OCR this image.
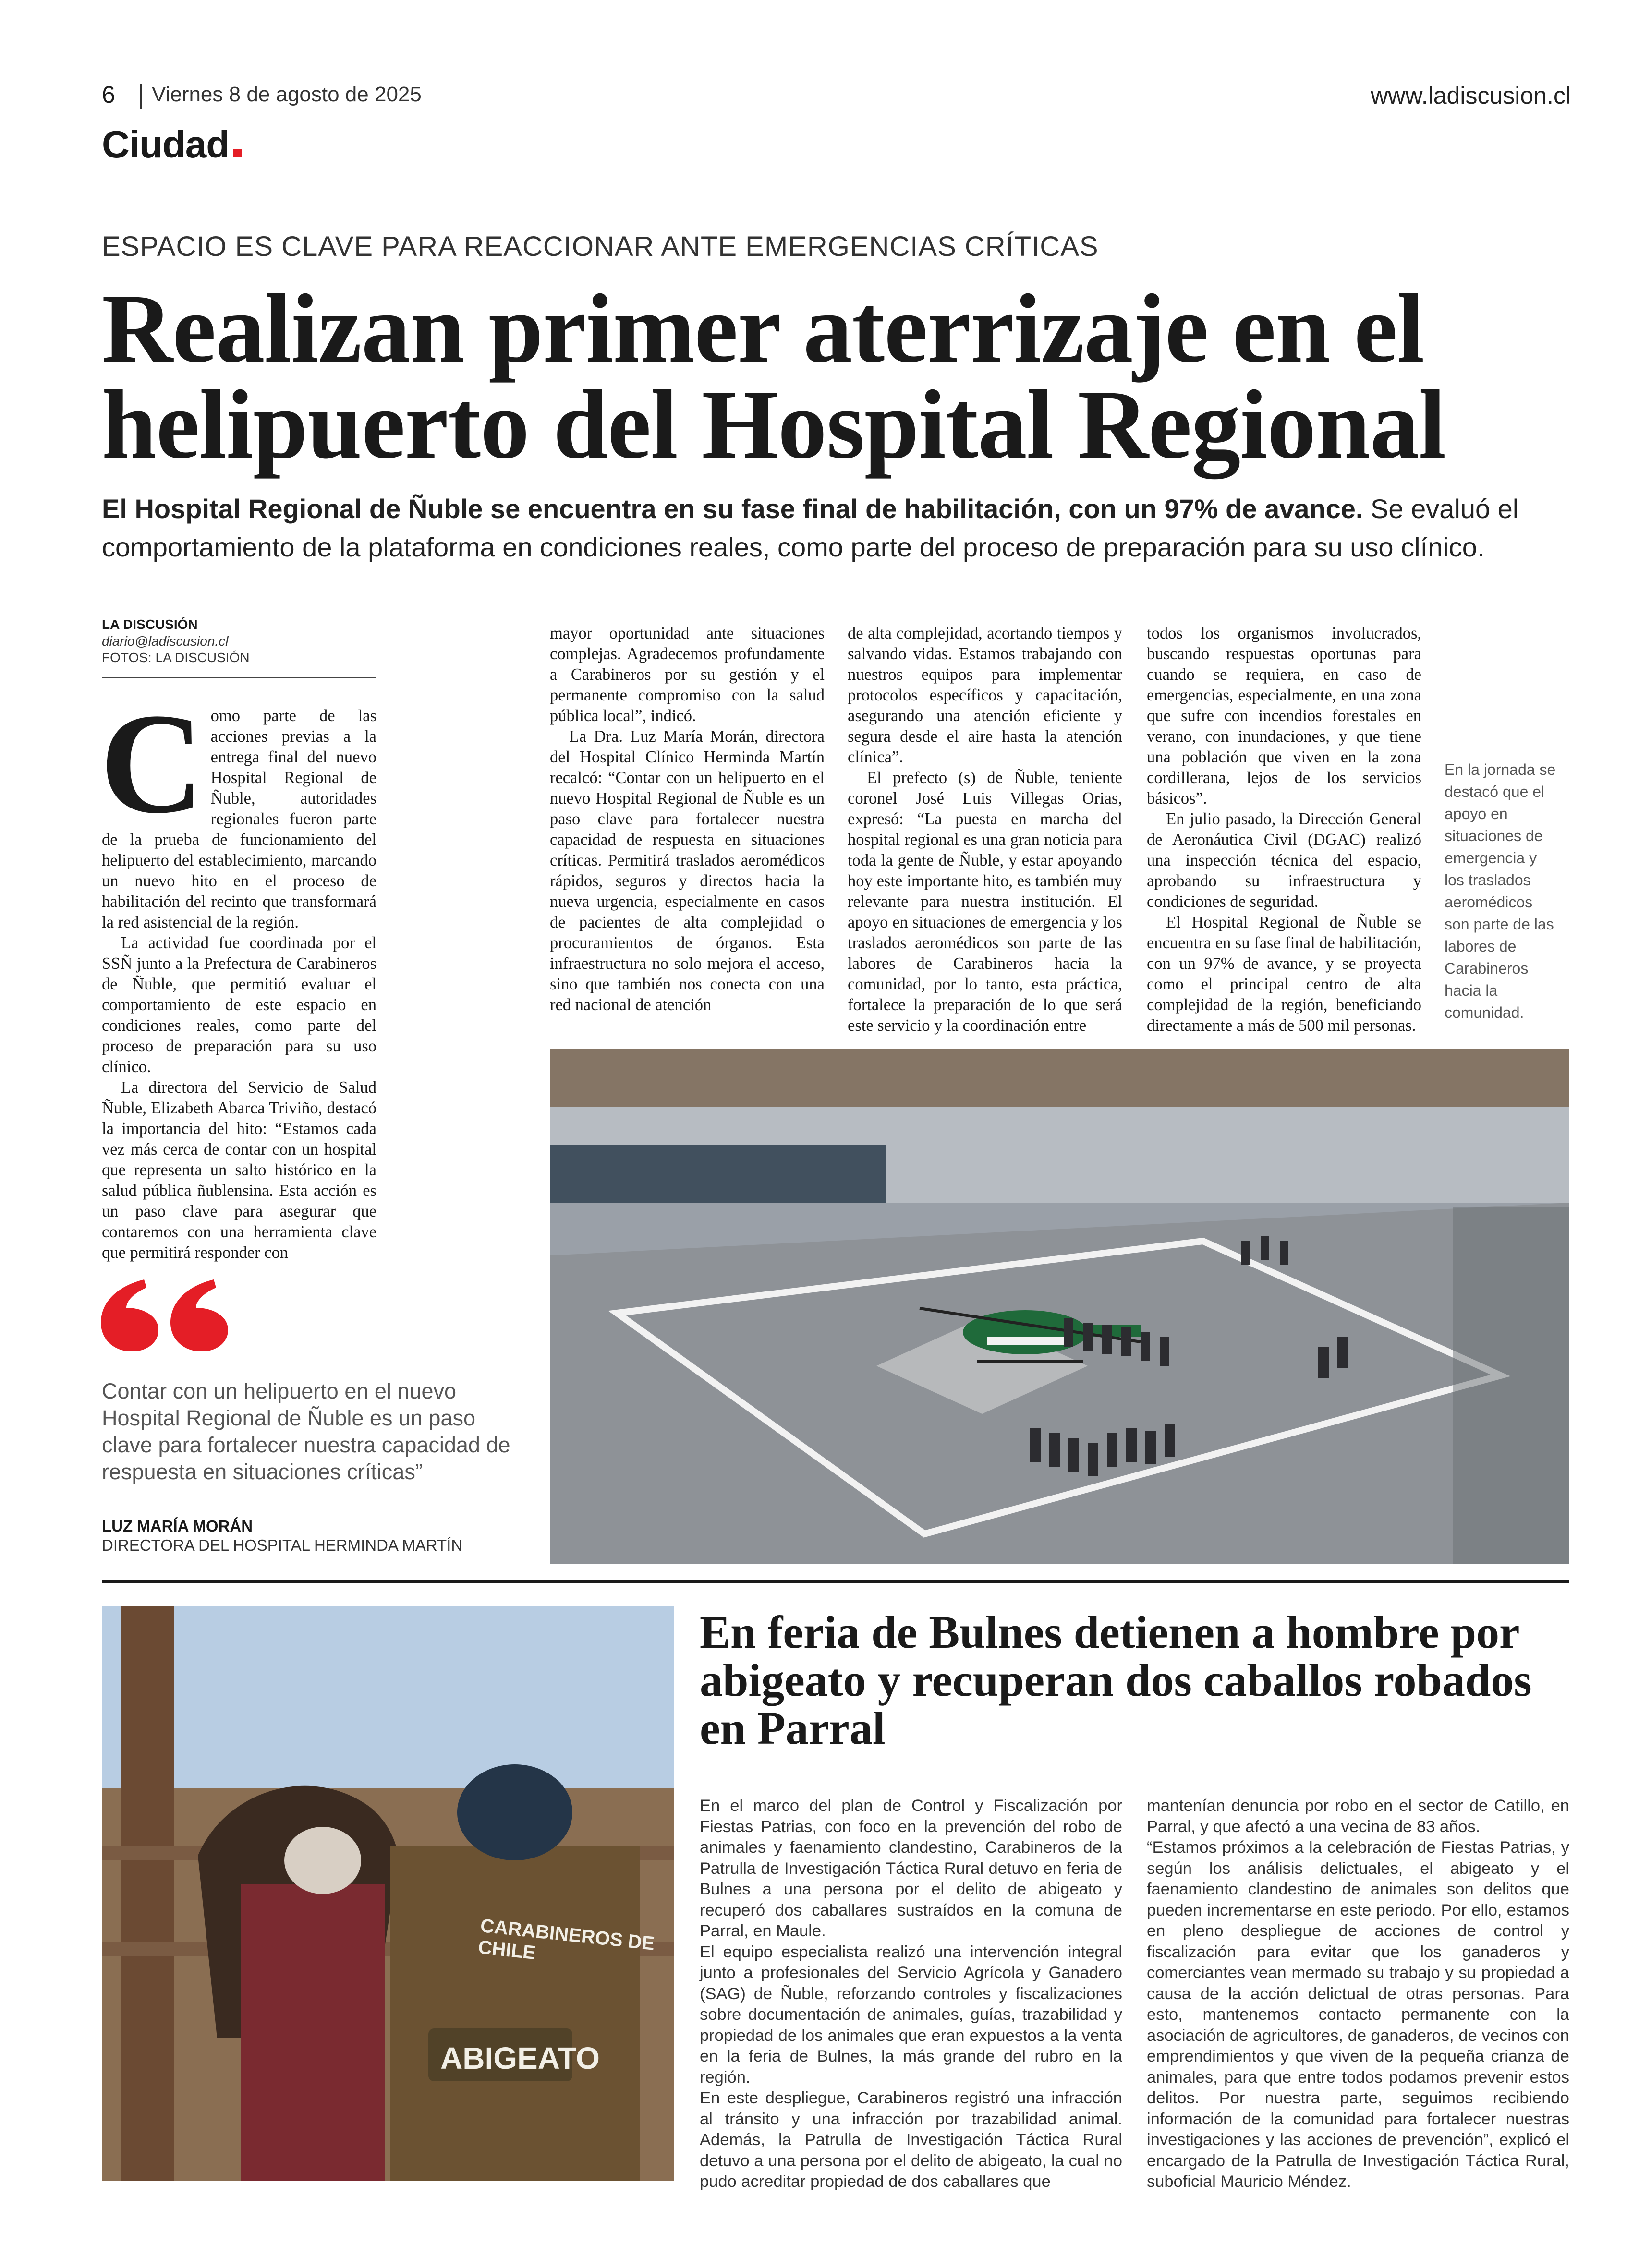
6 Viernes 8 de agosto de 2025	www.ladiscusion.cl
Ciudad
ESPACIO ES CLAVE PARA REACCIONAR ANTE EMERGENCIAS CRÍTICAS
Realizan primer aterrizaje en el helipuerto del Hospital Regional
El Hospital Regional de Ñuble se encuentra en su fase final de habilitación, con un 97% de avance. Se evaluó el comportamiento de la plataforma en condiciones reales, como parte del proceso de preparación para su uso clínico.
LA DISCUSIÓN
diario@ladiscusion.cl
FOTOS: LA DISCUSIÓN

Como parte de las acciones previas a la entrega final del nuevo Hospital Regional de Ñuble, autoridades regionales fueron parte de la prueba de funcionamiento del helipuerto del establecimiento, marcando un nuevo hito en el proceso de habilitación del recinto que transformará la red asistencial de la región.

La actividad fue coordinada por el SSÑ junto a la Prefectura de Carabineros de Ñuble, que permitió evaluar el comportamiento de este espacio en condiciones reales, como parte del proceso de preparación para su uso clínico.

La directora del Servicio de Salud Ñuble, Elizabeth Abarca Triviño, destacó la importancia del hito: “Estamos cada vez más cerca de contar con un hospital que representa un salto histórico en la salud pública ñublensina. Esta acción es un paso clave para asegurar que contaremos con una herramienta clave que permitirá responder con

mayor oportunidad ante situaciones complejas. Agradecemos profundamente a Carabineros por su gestión y el permanente compromiso con la salud pública local”, indicó.

La Dra. Luz María Morán, directora del Hospital Clínico Herminda Martín recalcó: “Contar con un helipuerto en el nuevo Hospital Regional de Ñuble es un paso clave para fortalecer nuestra capacidad de respuesta en situaciones críticas. Permitirá traslados aeromédicos rápidos, seguros y directos hacia la nueva urgencia, especialmente en casos de pacientes de alta complejidad o procuramientos de órganos. Esta infraestructura no solo mejora el acceso, sino que también nos conecta con una red nacional de atención

de alta complejidad, acortando tiempos y salvando vidas. Estamos trabajando con nuestros equipos para implementar protocolos específicos y capacitación, asegurando una atención eficiente y segura desde el aire hasta la atención clínica”.

El prefecto (s) de Ñuble, teniente coronel José Luis Villegas Orias, expresó: “La puesta en marcha del hospital regional es una gran noticia para toda la gente de Ñuble, y estar apoyando hoy este importante hito, es también muy relevante para nuestra institución. El apoyo en situaciones de emergencia y los traslados aeromédicos son parte de las labores de Carabineros hacia la comunidad, por lo tanto, esta práctica, fortalece la preparación de lo que será este servicio y la coordinación entre

todos los organismos involucrados, buscando respuestas oportunas para cuando se requiera, en caso de emergencias, especialmente, en una zona que sufre con incendios forestales en verano, con inundaciones, y que tiene una población que viven en la zona cordillerana, lejos de los servicios básicos”.

En julio pasado, la Dirección General de Aeronáutica Civil (DGAC) realizó una inspección técnica del espacio, aprobando su infraestructura y condiciones de seguridad.

El Hospital Regional de Ñuble se encuentra en su fase final de habilitación, con un 97% de avance, y se proyecta como el principal centro de alta complejidad de la región, beneficiando directamente a más de 500 mil personas.

En la jornada se destacó que el apoyo en situaciones de emergencia y los traslados aeromédicos son parte de las labores de Carabineros hacia la comunidad.
Contar con un helipuerto en el nuevo Hospital Regional de Ñuble es un paso clave para fortalecer nuestra capacidad de respuesta en situaciones críticas”
LUZ MARÍA MORÁN
DIRECTORA DEL HOSPITAL HERMINDA MARTÍN
CARABINEROS DE CHILE
ABIGEATO
En feria de Bulnes detienen a hombre por abigeato y recuperan dos caballos robados en Parral

En el marco del plan de Control y Fiscalización por Fiestas Patrias, con foco en la prevención del robo de animales y faenamiento clandestino, Carabineros de la Patrulla de Investigación Táctica Rural detuvo en feria de Bulnes a una persona por el delito de abigeato y recuperó dos caballares sustraídos en la comuna de Parral, en Maule.

El equipo especialista realizó una intervención integral junto a profesionales del Servicio Agrícola y Ganadero (SAG) de Ñuble, reforzando controles y fiscalizaciones sobre documentación de animales, guías, trazabilidad y propiedad de los animales que eran expuestos a la venta en la feria de Bulnes, la más grande del rubro en la región.

En este despliegue, Carabineros registró una infracción al tránsito y una infracción por trazabilidad animal. Además, la Patrulla de Investigación Táctica Rural detuvo a una persona por el delito de abigeato, la cual no pudo acreditar propiedad de dos caballares que

mantenían denuncia por robo en el sector de Catillo, en Parral, y que afectó a una vecina de 83 años.

“Estamos próximos a la celebración de Fiestas Patrias, y según los análisis delictuales, el abigeato y el faenamiento clandestino de animales son delitos que pueden incrementarse en este periodo. Por ello, estamos en pleno despliegue de acciones de control y fiscalización para evitar que los ganaderos y comerciantes vean mermado su trabajo y su propiedad a causa de la acción delictual de otras personas. Para esto, mantenemos contacto permanente con la asociación de agricultores, de ganaderos, de vecinos con emprendimientos y que viven de la pequeña crianza de animales, para que entre todos podamos prevenir estos delitos. Por nuestra parte, seguimos recibiendo información de la comunidad para fortalecer nuestras investigaciones y las acciones de prevención”, explicó el encargado de la Patrulla de Investigación Táctica Rural, suboficial Mauricio Méndez.
